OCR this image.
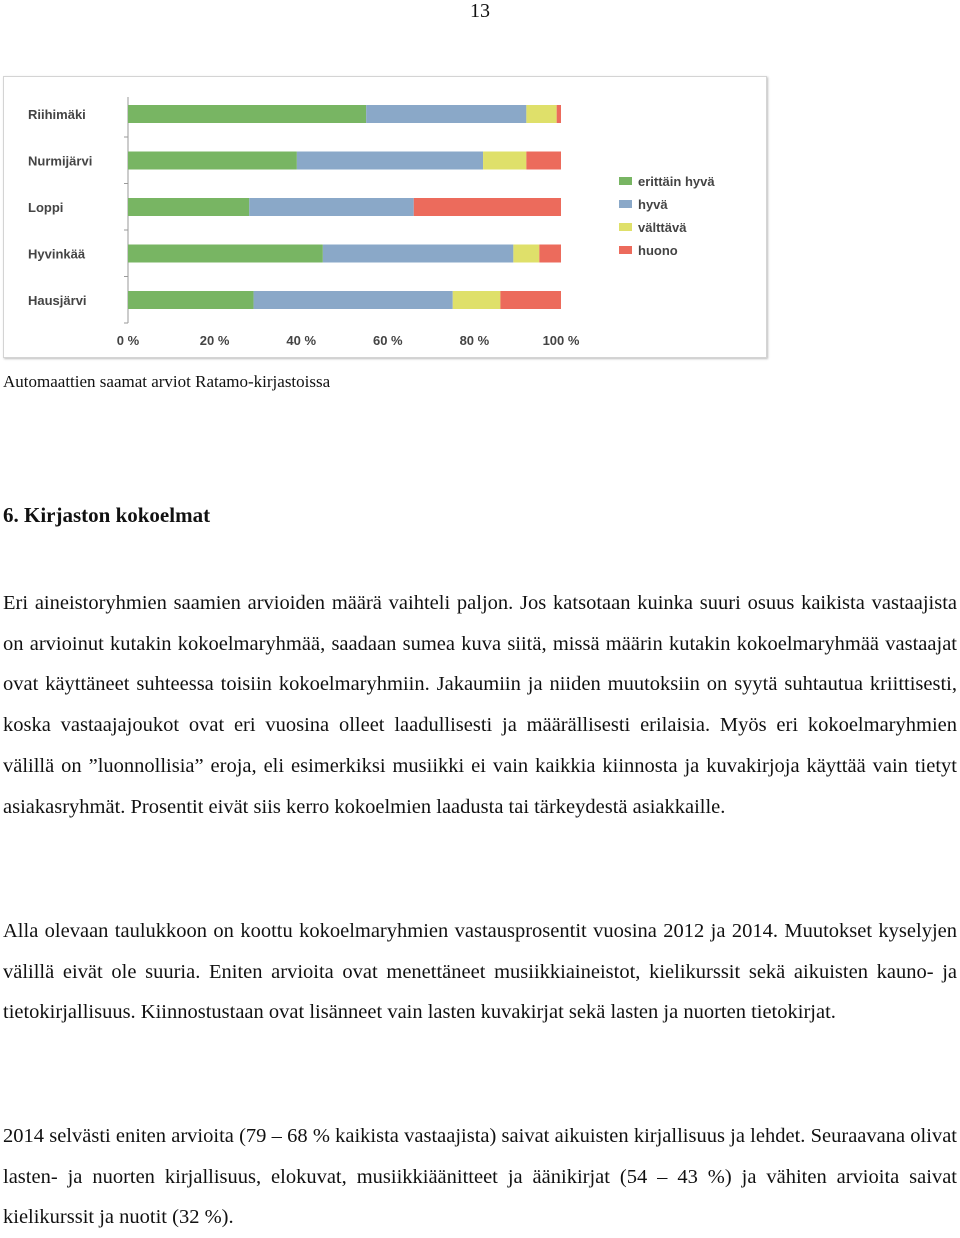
13
Riihimäki
Nurmijärvi
Loppi
Hyvinkää
Hausjärvi
0 %	20 %	40 %	60 %	80 %	100 %
erittäin hyvä
hyvä
välttävä
huono
Automaattien saamat arviot Ratamo-kirjastoissa
6. Kirjaston kokoelmat

Eri aineistoryhmien saamien arvioiden määrä vaihteli paljon. Jos katsotaan kuinka suuri osuus kaikista vastaajista on arvioinut kutakin kokoelmaryhmää, saadaan sumea kuva siitä, missä määrin kutakin kokoelmaryhmää vastaajat ovat käyttäneet suhteessa toisiin kokoelmaryhmiin. Jakaumiin ja niiden muutoksiin on syytä suhtautua kriittisesti, koska vastaajajoukot ovat eri vuosina olleet laadullisesti ja määrällisesti erilaisia. Myös eri kokoelmaryhmien välillä on ”luonnollisia” eroja, eli esimerkiksi musiikki ei vain kaikkia kiinnosta ja kuvakirjoja käyttää vain tietyt asiakasryhmät. Prosentit eivät siis kerro kokoelmien laadusta tai tärkeydestä asiakkaille.

Alla olevaan taulukkoon on koottu kokoelmaryhmien vastausprosentit vuosina 2012 ja 2014. Muutokset kyselyjen välillä eivät ole suuria. Eniten arvioita ovat menettäneet musiikkiaineistot, kielikurssit sekä aikuisten kauno- ja tietokirjallisuus. Kiinnostustaan ovat lisänneet vain lasten kuvakirjat sekä lasten ja nuorten tietokirjat.

2014 selvästi eniten arvioita (79 – 68 % kaikista vastaajista) saivat aikuisten kirjallisuus ja lehdet. Seuraavana olivat lasten- ja nuorten kirjallisuus, elokuvat, musiikkiäänitteet ja äänikirjat (54 – 43 %) ja vähiten arvioita saivat kielikurssit ja nuotit (32 %).
